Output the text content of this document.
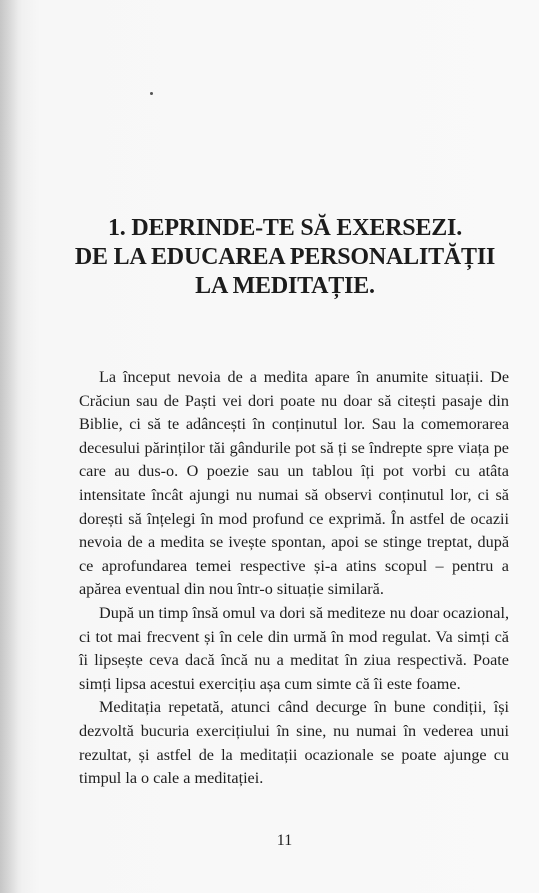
1. DEPRINDE-TE SĂ EXERSEZI.
DE LA EDUCAREA PERSONALITĂȚII
LA MEDITAȚIE.

La început nevoia de a medita apare în anumite situații. De Crăciun sau de Paști vei dori poate nu doar să citești pasaje din Biblie, ci să te adâncești în conținutul lor. Sau la comemorarea decesului părinților tăi gândurile pot să ți se îndrepte spre viața pe care au dus-o. O poezie sau un tablou îți pot vorbi cu atâta intensitate încât ajungi nu numai să observi conținutul lor, ci să dorești să înțelegi în mod profund ce exprimă. În astfel de ocazii nevoia de a medita se ivește spontan, apoi se stinge treptat, după ce aprofundarea temei respective și-a atins scopul – pentru a apărea eventual din nou într-o situație similară.

După un timp însă omul va dori să mediteze nu doar ocazional, ci tot mai frecvent și în cele din urmă în mod regulat. Va simți că îi lipsește ceva dacă încă nu a meditat în ziua respectivă. Poate simți lipsa acestui exercițiu așa cum simte că îi este foame.

Meditația repetată, atunci când decurge în bune condiții, își dezvoltă bucuria exercițiului în sine, nu numai în vederea unui rezultat, și astfel de la meditații ocazionale se poate ajunge cu timpul la o cale a meditației.

11
